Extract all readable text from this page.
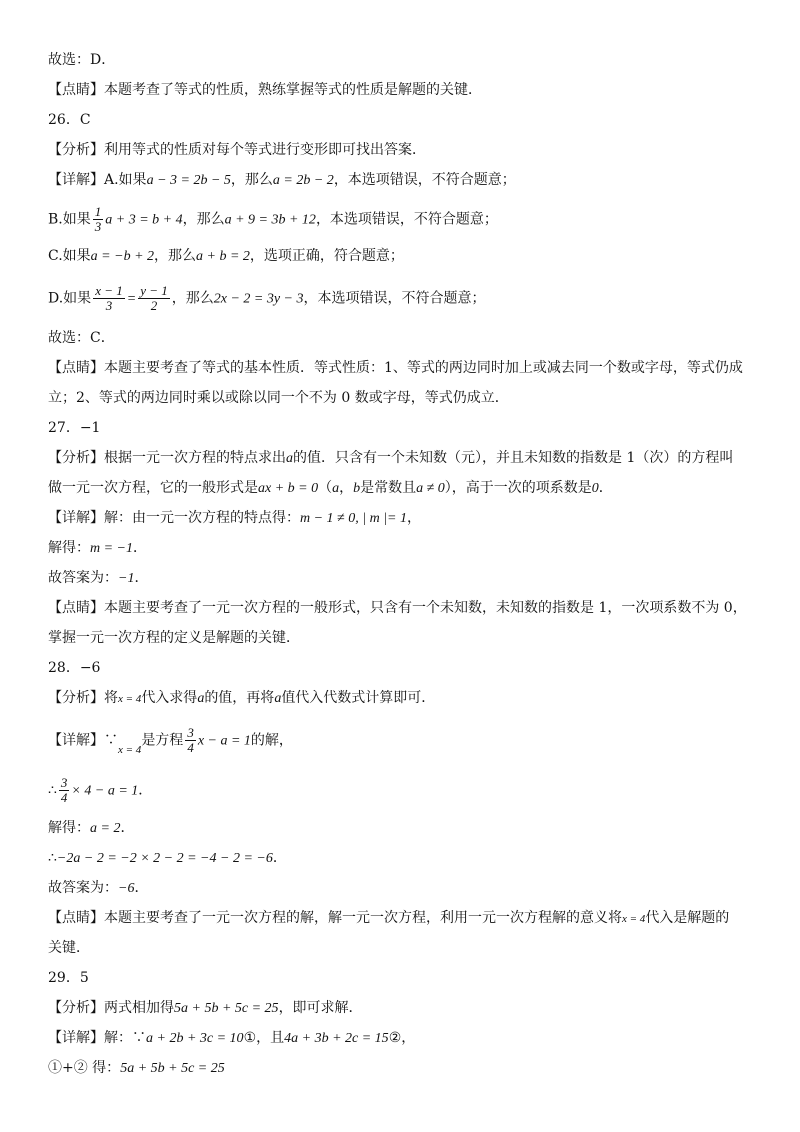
故选：D．
【点睛】本题考查了等式的性质，熟练掌握等式的性质是解题的关键．
26．C
【分析】利用等式的性质对每个等式进行变形即可找出答案．
【详解】A.如果a − 3 = 2b − 5，那么a = 2b − 2，本选项错误，不符合题意；
B.如果 $\frac{1}{3}$ a + 3 = b + 4，那么a + 9 = 3b + 12，本选项错误，不符合题意；
C.如果a = −b + 2，那么a + b = 2，选项正确，符合题意；
D.如果 $\frac{x - 1}{3} = \frac{y - 1}{2}$ ，那么2x − 2 = 3y − 3，本选项错误，不符合题意；
故选：C．
【点睛】本题主要考查了等式的基本性质．等式性质：1、等式的两边同时加上或减去同一个数或字母，等式仍成
立；2、等式的两边同时乘以或除以同一个不为 0 数或字母，等式仍成立．
27．−1
【分析】根据一元一次方程的特点求出a的值．只含有一个未知数（元），并且未知数的指数是 1（次）的方程叫
做一元一次方程，它的一般形式是ax + b = 0（a，b是常数且a ≠ 0），高于一次的项系数是0．
【详解】解：由一元一次方程的特点得：m − 1 ≠ 0, | m |= 1，
解得：m = −1．
故答案为：−1．
【点睛】本题主要考查了一元一次方程的一般形式，只含有一个未知数，未知数的指数是 1，一次项系数不为 0，
掌握一元一次方程的定义是解题的关键．
28．−6
【分析】将x = 4代入求得a的值，再将a值代入代数式计算即可．
【详解】$\because_{x = 4}$是方程 $\frac{3}{4}$ x − a = 1的解，
∴ $\frac{3}{4} \times 4 - a = 1$．
解得：a = 2．
∴−2a − 2 = −2 × 2 − 2 = −4 − 2 = −6．
故答案为：−6．
【点睛】本题主要考查了一元一次方程的解，解一元一次方程，利用一元一次方程解的意义将x = 4代入是解题的
关键．
29．5
【分析】两式相加得5a + 5b + 5c = 25，即可求解．
【详解】解：∵a + 2b + 3c = 10①，且4a + 3b + 2c = 15②，
①+② 得：5a + 5b + 5c = 25
